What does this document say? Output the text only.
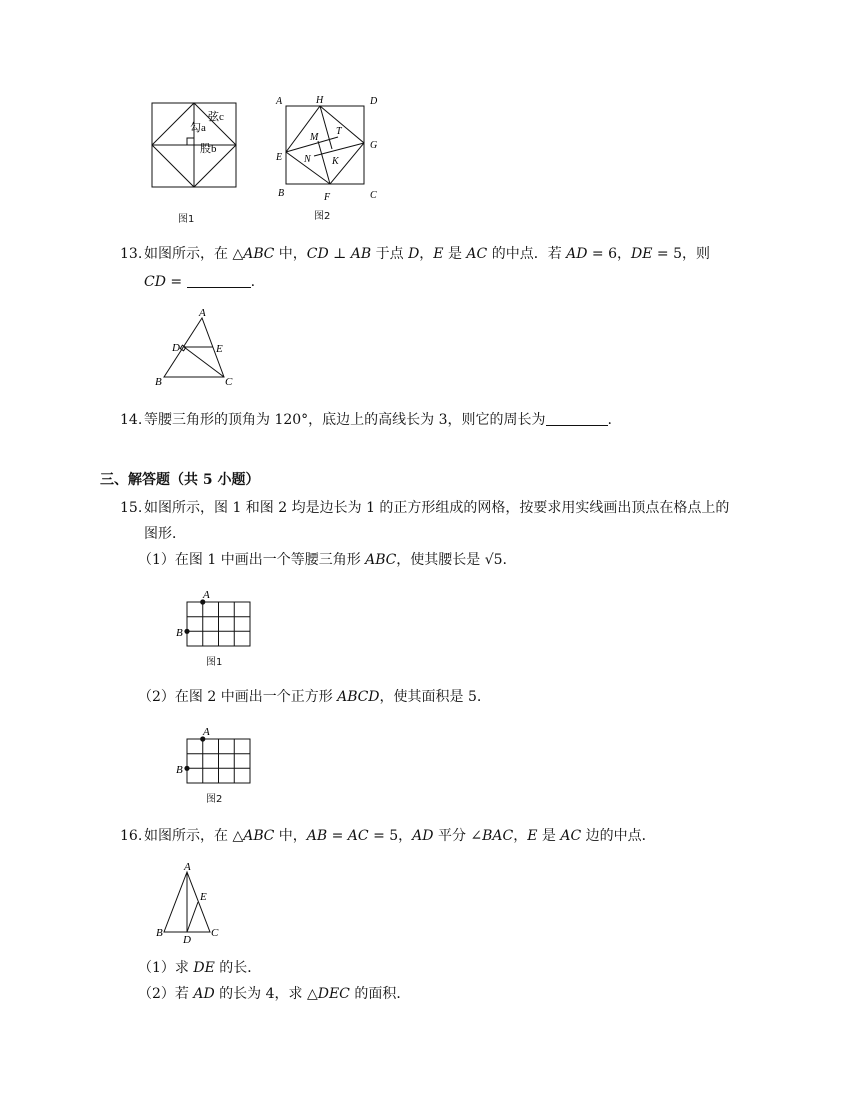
弦c
勾a
股b
图1
A	H	D
M
T
E
G
N K
B	F	C
图2
13. 如图所示，在 △𝐴𝐵𝐶 中，𝐶𝐷 ⊥ 𝐴𝐵 于点 𝐷，𝐸 是 𝐴𝐶 的中点．若 𝐴𝐷 = 6，𝐷𝐸 = 5，则
𝐶𝐷 =	.
A
D	E
B	C
14. 等腰三角形的顶角为 120°，底边上的高线长为 3，则它的周长为	.
三、解答题（共 5 小题）
15. 如图所示，图 1 和图 2 均是边长为 1 的正方形组成的网格，按要求用实线画出顶点在格点上的
图形．
（1）在图 1 中画出一个等腰三角形 𝐴𝐵𝐶，使其腰长是 √5.
A
B
图1
（2）在图 2 中画出一个正方形 𝐴𝐵𝐶𝐷，使其面积是 5.
A
B
图2
16. 如图所示，在 △𝐴𝐵𝐶 中，𝐴𝐵 = 𝐴𝐶 = 5，𝐴𝐷 平分 ∠𝐵𝐴𝐶，𝐸 是 𝐴𝐶 边的中点．
A
E
B
D
C
（1）求 𝐷𝐸 的长．
（2）若 𝐴𝐷 的长为 4，求 △𝐷𝐸𝐶 的面积．
